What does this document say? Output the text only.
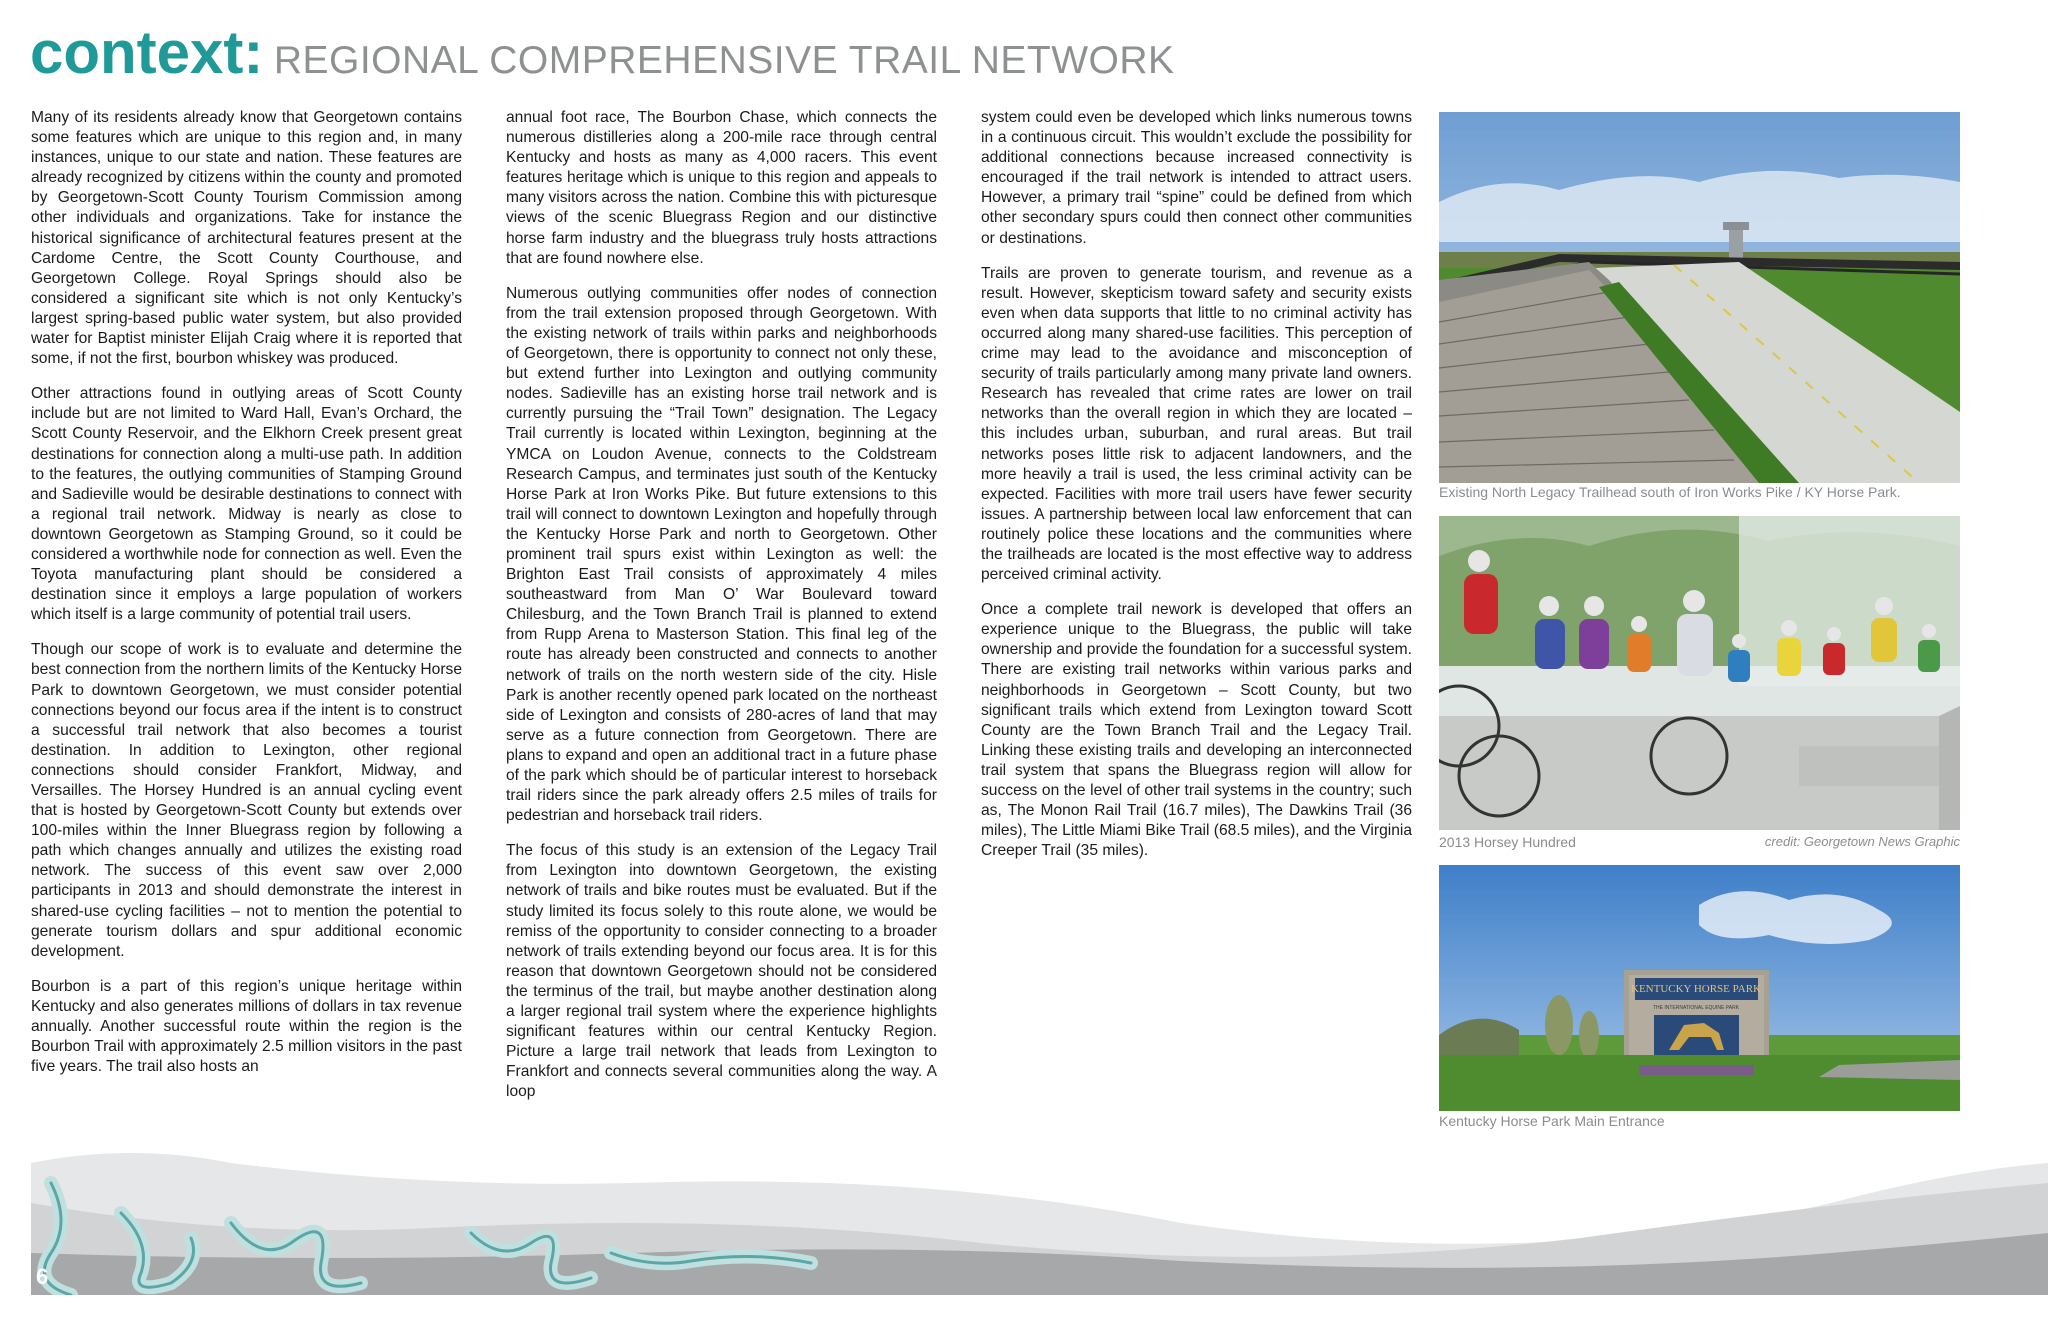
context: REGIONAL COMPREHENSIVE TRAIL NETWORK

Many of its residents already know that Georgetown contains some features which are unique to this region and, in many instances, unique to our state and nation. These features are already recognized by citizens within the county and promoted by Georgetown-Scott County Tourism Commission among other individuals and organizations. Take for instance the historical significance of architectural features present at the Cardome Centre, the Scott County Courthouse, and Georgetown College. Royal Springs should also be considered a significant site which is not only Kentucky’s largest spring-based public water system, but also provided water for Baptist minister Elijah Craig where it is reported that some, if not the first, bourbon whiskey was produced.

Other attractions found in outlying areas of Scott County include but are not limited to Ward Hall, Evan’s Orchard, the Scott County Reservoir, and the Elkhorn Creek present great destinations for connection along a multi-use path. In addition to the features, the outlying communities of Stamping Ground and Sadieville would be desirable destinations to connect with a regional trail network. Midway is nearly as close to downtown Georgetown as Stamping Ground, so it could be considered a worthwhile node for connection as well. Even the Toyota manufacturing plant should be considered a destination since it employs a large population of workers which itself is a large community of potential trail users.

Though our scope of work is to evaluate and determine the best connection from the northern limits of the Kentucky Horse Park to downtown Georgetown, we must consider potential connections beyond our focus area if the intent is to construct a successful trail network that also becomes a tourist destination. In addition to Lexington, other regional connections should consider Frankfort, Midway, and Versailles. The Horsey Hundred is an annual cycling event that is hosted by Georgetown-Scott County but extends over 100-miles within the Inner Bluegrass region by following a path which changes annually and utilizes the existing road network. The success of this event saw over 2,000 participants in 2013 and should demonstrate the interest in shared-use cycling facilities – not to mention the potential to generate tourism dollars and spur additional economic development.

Bourbon is a part of this region’s unique heritage within Kentucky and also generates millions of dollars in tax revenue annually. Another successful route within the region is the Bourbon Trail with approximately 2.5 million visitors in the past five years. The trail also hosts an

annual foot race, The Bourbon Chase, which connects the numerous distilleries along a 200-mile race through central Kentucky and hosts as many as 4,000 racers. This event features heritage which is unique to this region and appeals to many visitors across the nation. Combine this with picturesque views of the scenic Bluegrass Region and our distinctive horse farm industry and the bluegrass truly hosts attractions that are found nowhere else.

Numerous outlying communities offer nodes of connection from the trail extension proposed through Georgetown. With the existing network of trails within parks and neighborhoods of Georgetown, there is opportunity to connect not only these, but extend further into Lexington and outlying community nodes. Sadieville has an existing horse trail network and is currently pursuing the “Trail Town” designation. The Legacy Trail currently is located within Lexington, beginning at the YMCA on Loudon Avenue, connects to the Coldstream Research Campus, and terminates just south of the Kentucky Horse Park at Iron Works Pike. But future extensions to this trail will connect to downtown Lexington and hopefully through the Kentucky Horse Park and north to Georgetown. Other prominent trail spurs exist within Lexington as well: the Brighton East Trail consists of approximately 4 miles southeastward from Man O’ War Boulevard toward Chilesburg, and the Town Branch Trail is planned to extend from Rupp Arena to Masterson Station. This final leg of the route has already been constructed and connects to another network of trails on the north western side of the city. Hisle Park is another recently opened park located on the northeast side of Lexington and consists of 280-acres of land that may serve as a future connection from Georgetown. There are plans to expand and open an additional tract in a future phase of the park which should be of particular interest to horseback trail riders since the park already offers 2.5 miles of trails for pedestrian and horseback trail riders.

The focus of this study is an extension of the Legacy Trail from Lexington into downtown Georgetown, the existing network of trails and bike routes must be evaluated. But if the study limited its focus solely to this route alone, we would be remiss of the opportunity to consider connecting to a broader network of trails extending beyond our focus area. It is for this reason that downtown Georgetown should not be considered the terminus of the trail, but maybe another destination along a larger regional trail system where the experience highlights significant features within our central Kentucky Region. Picture a large trail network that leads from Lexington to Frankfort and connects several communities along the way. A loop

system could even be developed which links numerous towns in a continuous circuit. This wouldn’t exclude the possibility for additional connections because increased connectivity is encouraged if the trail network is intended to attract users. However, a primary trail “spine” could be defined from which other secondary spurs could then connect other communities or destinations.

Trails are proven to generate tourism, and revenue as a result. However, skepticism toward safety and security exists even when data supports that little to no criminal activity has occurred along many shared-use facilities. This perception of crime may lead to the avoidance and misconception of security of trails particularly among many private land owners. Research has revealed that crime rates are lower on trail networks than the overall region in which they are located – this includes urban, suburban, and rural areas. But trail networks poses little risk to adjacent landowners, and the more heavily a trail is used, the less criminal activity can be expected. Facilities with more trail users have fewer security issues. A partnership between local law enforcement that can routinely police these locations and the communities where the trailheads are located is the most effective way to address perceived criminal activity.

Once a complete trail nework is developed that offers an experience unique to the Bluegrass, the public will take ownership and provide the foundation for a successful system. There are existing trail networks within various parks and neighborhoods in Georgetown – Scott County, but two significant trails which extend from Lexington toward Scott County are the Town Branch Trail and the Legacy Trail. Linking these existing trails and developing an interconnected trail system that spans the Bluegrass region will allow for success on the level of other trail systems in the country; such as, The Monon Rail Trail (16.7 miles), The Dawkins Trail (36 miles), The Little Miami Bike Trail (68.5 miles), and the Virginia Creeper Trail (35 miles).

Existing North Legacy Trailhead south of Iron Works Pike / KY Horse Park.
2013 Horsey Hundred	credit: Georgetown News Graphic
KENTUCKY HORSE PARK
THE INTERNATIONAL EQUINE PARK
Kentucky Horse Park Main Entrance
6
